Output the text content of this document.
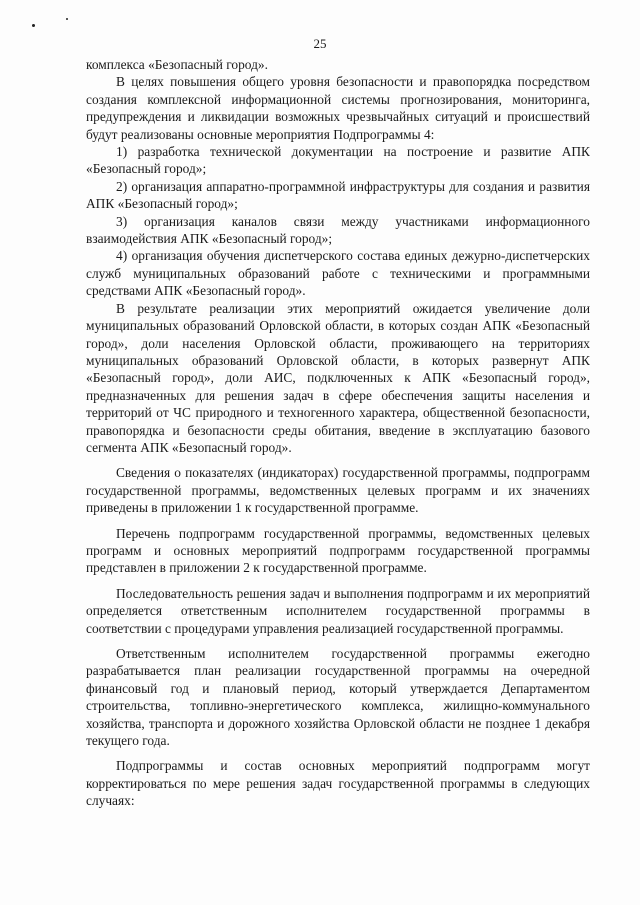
25

комплекса «Безопасный город».

В целях повышения общего уровня безопасности и правопорядка посредством создания комплексной информационной системы прогнозирования, мониторинга, предупреждения и ликвидации возможных чрезвычайных ситуаций и происшествий будут реализованы основные мероприятия Подпрограммы 4:

1) разработка технической документации на построение и развитие АПК «Безопасный город»;

2) организация аппаратно-программной инфраструктуры для создания и развития АПК «Безопасный город»;

3) организация каналов связи между участниками информационного взаимодействия АПК «Безопасный город»;

4) организация обучения диспетчерского состава единых дежурно-диспетчерских служб муниципальных образований работе с техническими и программными средствами АПК «Безопасный город».

В результате реализации этих мероприятий ожидается увеличение доли муниципальных образований Орловской области, в которых создан АПК «Безопасный город», доли населения Орловской области, проживающего на территориях муниципальных образований Орловской области, в которых развернут АПК «Безопасный город», доли АИС, подключенных к АПК «Безопасный город», предназначенных для решения задач в сфере обеспечения защиты населения и территорий от ЧС природного и техногенного характера, общественной безопасности, правопорядка и безопасности среды обитания, введение в эксплуатацию базового сегмента АПК «Безопасный город».

Сведения о показателях (индикаторах) государственной программы, подпрограмм государственной программы, ведомственных целевых программ и их значениях приведены в приложении 1 к государственной программе.

Перечень подпрограмм государственной программы, ведомственных целевых программ и основных мероприятий подпрограмм государственной программы представлен в приложении 2 к государственной программе.

Последовательность решения задач и выполнения подпрограмм и их мероприятий определяется ответственным исполнителем государственной программы в соответствии с процедурами управления реализацией государственной программы.

Ответственным исполнителем государственной программы ежегодно разрабатывается план реализации государственной программы на очередной финансовый год и плановый период, который утверждается Департаментом строительства, топливно-энергетического комплекса, жилищно-коммунального хозяйства, транспорта и дорожного хозяйства Орловской области не позднее 1 декабря текущего года.

Подпрограммы и состав основных мероприятий подпрограмм могут корректироваться по мере решения задач государственной программы в следующих случаях:
